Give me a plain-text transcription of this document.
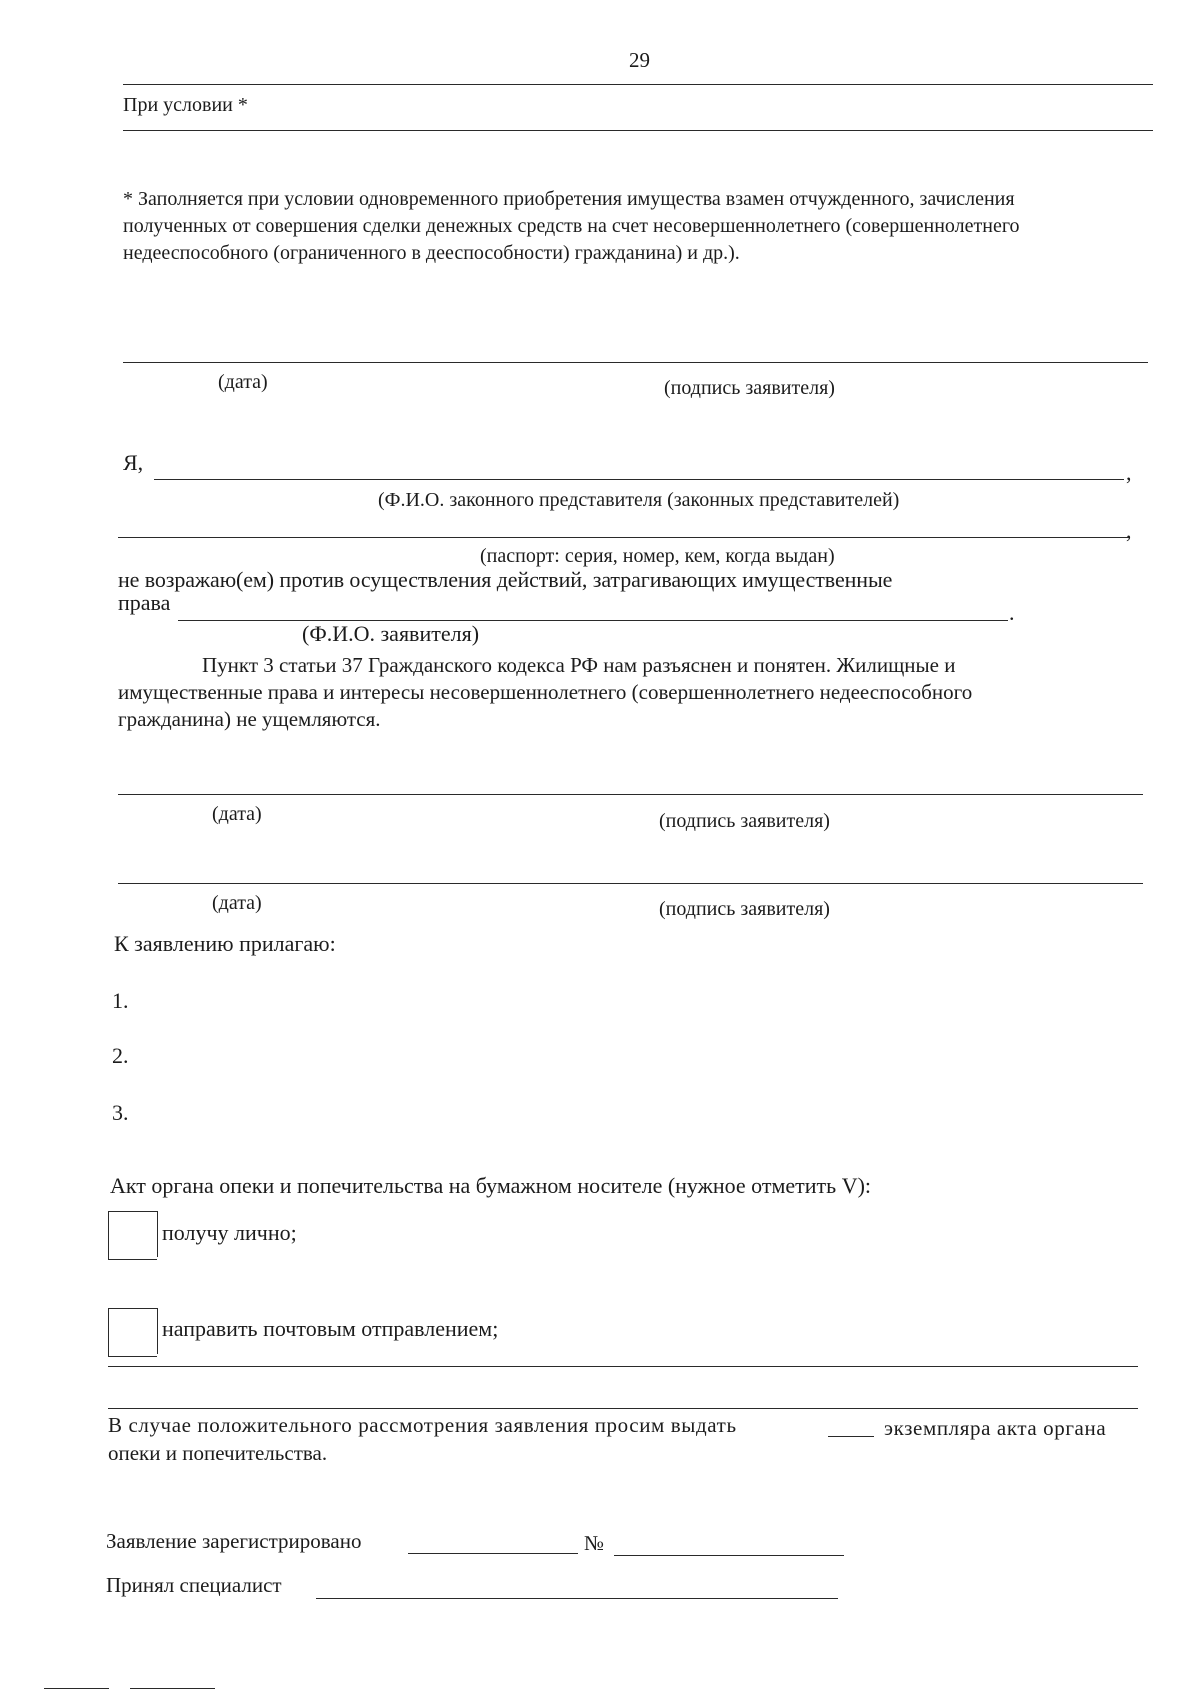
29
При условии *
* Заполняется при условии одновременного приобретения имущества взамен отчужденного, зачисления
полученных от совершения сделки денежных средств на счет несовершеннолетнего (совершеннолетнего
недееспособного (ограниченного в дееспособности) гражданина) и др.).
(дата)	(подпись заявителя)
Я,	,
(Ф.И.О. законного представителя (законных представителей)
,
(паспорт: серия, номер, кем, когда выдан)
не возражаю(ем) против осуществления действий, затрагивающих имущественные
права	.
(Ф.И.О. заявителя)
Пункт 3 статьи 37 Гражданского кодекса РФ нам разъяснен и понятен. Жилищные и
имущественные права и интересы несовершеннолетнего (совершеннолетнего недееспособного
гражданина) не ущемляются.
(дата)	(подпись заявителя)
(дата)	(подпись заявителя)
К заявлению прилагаю:
1.
2.
3.
Акт органа опеки и попечительства на бумажном носителе (нужное отметить V):
получу лично;
направить почтовым отправлением;
В случае положительного рассмотрения заявления просим выдать	экземпляра акта органа
опеки и попечительства.
Заявление зарегистрировано	№
Принял специалист
